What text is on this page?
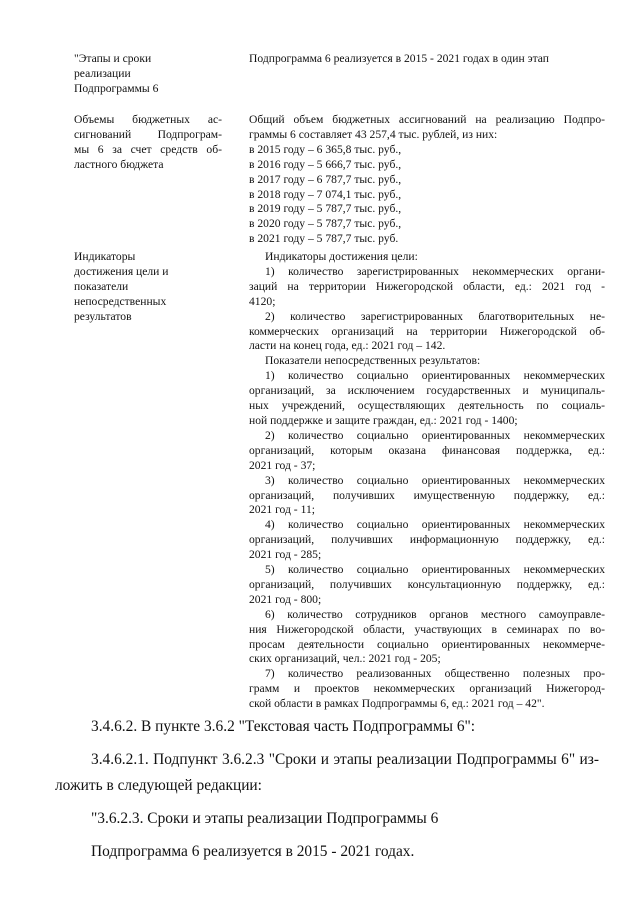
"Этапы и сроки
реализации
Подпрограммы 6
Подпрограмма 6 реализуется в 2015 - 2021 годах в один этап
Объемы бюджетных ас-
сигнований Подпрограм-
мы 6 за счет средств об-
ластного бюджета
Общий объем бюджетных ассигнований на реализацию Подпро-
граммы 6 составляет 43 257,4 тыс. рублей, из них:
в 2015 году – 6 365,8 тыс. руб.,
в 2016 году – 5 666,7 тыс. руб.,
в 2017 году – 6 787,7 тыс. руб.,
в 2018 году – 7 074,1 тыс. руб.,
в 2019 году – 5 787,7 тыс. руб.,
в 2020 году – 5 787,7 тыс. руб.,
в 2021 году – 5 787,7 тыс. руб.
Индикаторы
достижения цели и
показатели
непосредственных
результатов
Индикаторы достижения цели:
1) количество зарегистрированных некоммерческих органи-
заций на территории Нижегородской области, ед.: 2021 год -
4120;
2) количество зарегистрированных благотворительных не-
коммерческих организаций на территории Нижегородской об-
ласти на конец года, ед.: 2021 год – 142.
Показатели непосредственных результатов:
1) количество социально ориентированных некоммерческих
организаций, за исключением государственных и муниципаль-
ных учреждений, осуществляющих деятельность по социаль-
ной поддержке и защите граждан, ед.: 2021 год - 1400;
2) количество социально ориентированных некоммерческих
организаций, которым оказана финансовая поддержка, ед.:
2021 год - 37;
3) количество социально ориентированных некоммерческих
организаций, получивших имущественную поддержку, ед.:
2021 год - 11;
4) количество социально ориентированных некоммерческих
организаций, получивших информационную поддержку, ед.:
2021 год - 285;
5) количество социально ориентированных некоммерческих
организаций, получивших консультационную поддержку, ед.:
2021 год - 800;
6) количество сотрудников органов местного самоуправле-
ния Нижегородской области, участвующих в семинарах по во-
просам деятельности социально ориентированных некоммерче-
ских организаций, чел.: 2021 год - 205;
7) количество реализованных общественно полезных про-
грамм и проектов некоммерческих организаций Нижегород-
ской области в рамках Подпрограммы 6, ед.: 2021 год – 42".
3.4.6.2. В пункте 3.6.2 "Текстовая часть Подпрограммы 6":
3.4.6.2.1. Подпункт 3.6.2.3 "Сроки и этапы реализации Подпрограммы 6" из-
ложить в следующей редакции:
"3.6.2.3. Сроки и этапы реализации Подпрограммы 6
Подпрограмма 6 реализуется в 2015 - 2021 годах.
